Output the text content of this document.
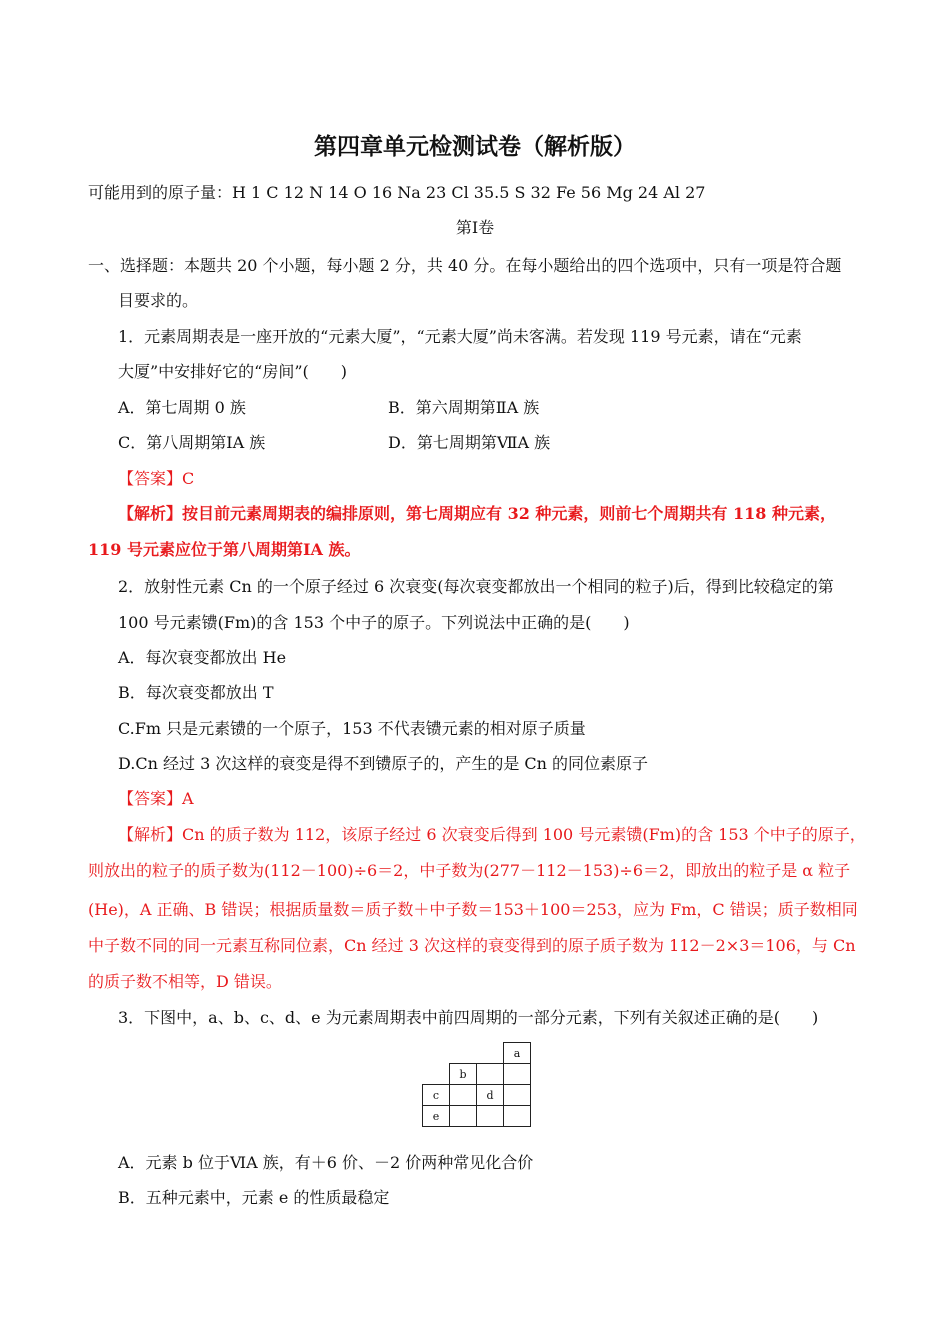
第四章单元检测试卷（解析版）
可能用到的原子量：H 1 C 12 N 14 O 16 Na 23 Cl 35.5 S 32 Fe 56 Mg 24 Al 27
第Ⅰ卷
一、选择题：本题共 20 个小题，每小题 2 分，共 40 分。在每小题给出的四个选项中，只有一项是符合题
目要求的。
1．元素周期表是一座开放的“元素大厦”，“元素大厦”尚未客满。若发现 119 号元素，请在“元素
大厦”中安排好它的“房间”(　　)
A．第七周期 0 族	B．第六周期第ⅡA 族
C．第八周期第ⅠA 族	D．第七周期第ⅦA 族
【答案】C
【解析】按目前元素周期表的编排原则，第七周期应有 32 种元素，则前七个周期共有 118 种元素，
119 号元素应位于第八周期第ⅠA 族。
2．放射性元素 Cn 的一个原子经过 6 次衰变(每次衰变都放出一个相同的粒子)后，得到比较稳定的第
100 号元素镄(Fm)的含 153 个中子的原子。下列说法中正确的是(　　)
A．每次衰变都放出 He
B．每次衰变都放出 T
C.Fm 只是元素镄的一个原子，153 不代表镄元素的相对原子质量
D.Cn 经过 3 次这样的衰变是得不到镄原子的，产生的是 Cn 的同位素原子
【答案】A
【解析】Cn 的质子数为 112，该原子经过 6 次衰变后得到 100 号元素镄(Fm)的含 153 个中子的原子，
则放出的粒子的质子数为(112－100)÷6＝2，中子数为(277－112－153)÷6＝2，即放出的粒子是 α 粒子
(He)，A 正确、B 错误；根据质量数＝质子数＋中子数＝153＋100＝253，应为 Fm，C 错误；质子数相同
中子数不同的同一元素互称同位素，Cn 经过 3 次这样的衰变得到的原子质子数为 112－2×3＝106，与 Cn
的质子数不相等，D 错误。
3．下图中，a、b、c、d、e 为元素周期表中前四周期的一部分元素，下列有关叙述正确的是(　　)
			a
	b		
c		d	
e			
A．元素 b 位于ⅥA 族，有＋6 价、－2 价两种常见化合价
B．五种元素中，元素 e 的性质最稳定
